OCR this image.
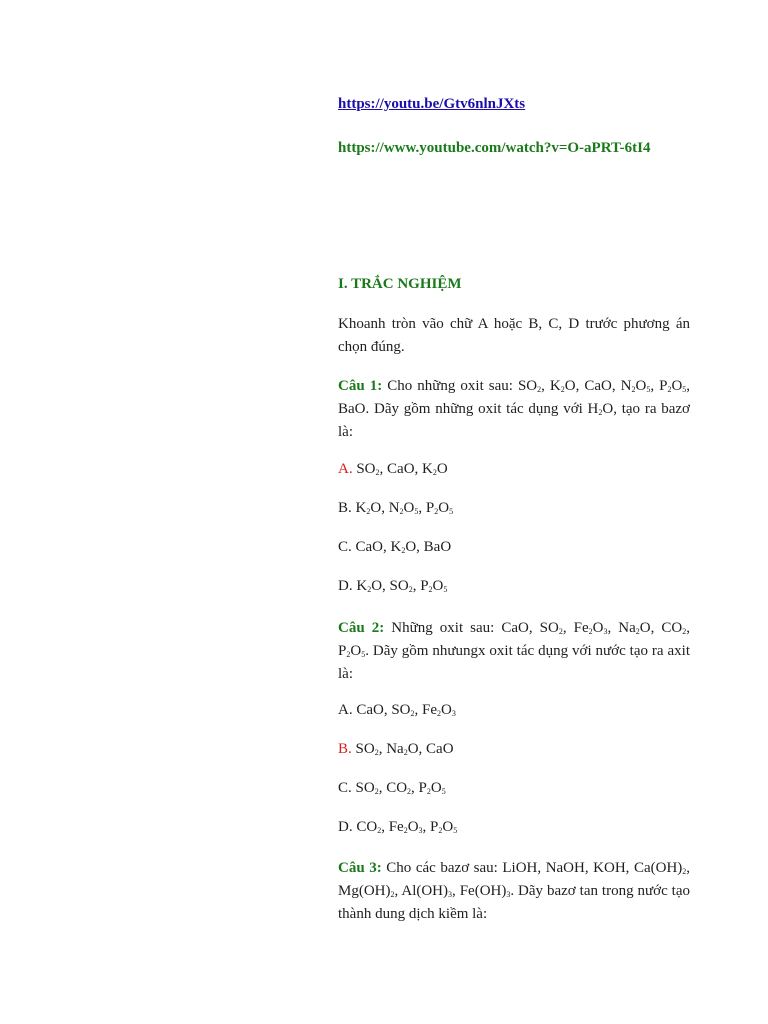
https://youtu.be/Gtv6nlnJXts
https://www.youtube.com/watch?v=O-aPRT-6tI4
I. TRẮC NGHIỆM
Khoanh tròn vão chữ A hoặc B, C, D trước phương án chọn đúng.
Câu 1: Cho những oxit sau: $SO_2$, $K_2O$, CaO, $N_2O_5$, $P_2O_5$, BaO. Dãy gồm những oxit tác dụng với $H_2O$, tạo ra bazơ là:
A. $SO_2$, CaO, $K_2O$
B. $K_2O$, $N_2O_5$, $P_2O_5$
C. CaO, $K_2O$, BaO
D. $K_2O$, $SO_2$, $P_2O_5$
Câu 2: Những oxit sau: CaO, $SO_2$, $Fe_2O_3$, $Na_2O$, $CO_2$, $P_2O_5$. Dãy gồm nhưungx oxit tác dụng với nước tạo ra axit là:
A. CaO, $SO_2$, $Fe_2O_3$
B. $SO_2$, $Na_2O$, CaO
C. $SO_2$, $CO_2$, $P_2O_5$
D. $CO_2$, $Fe_2O_3$, $P_2O_5$
Câu 3: Cho các bazơ sau: LiOH, NaOH, KOH, $Ca(OH)_2$, $Mg(OH)_2$, $Al(OH)_3$, $Fe(OH)_3$. Dãy bazơ tan trong nước tạo thành dung dịch kiềm là:
